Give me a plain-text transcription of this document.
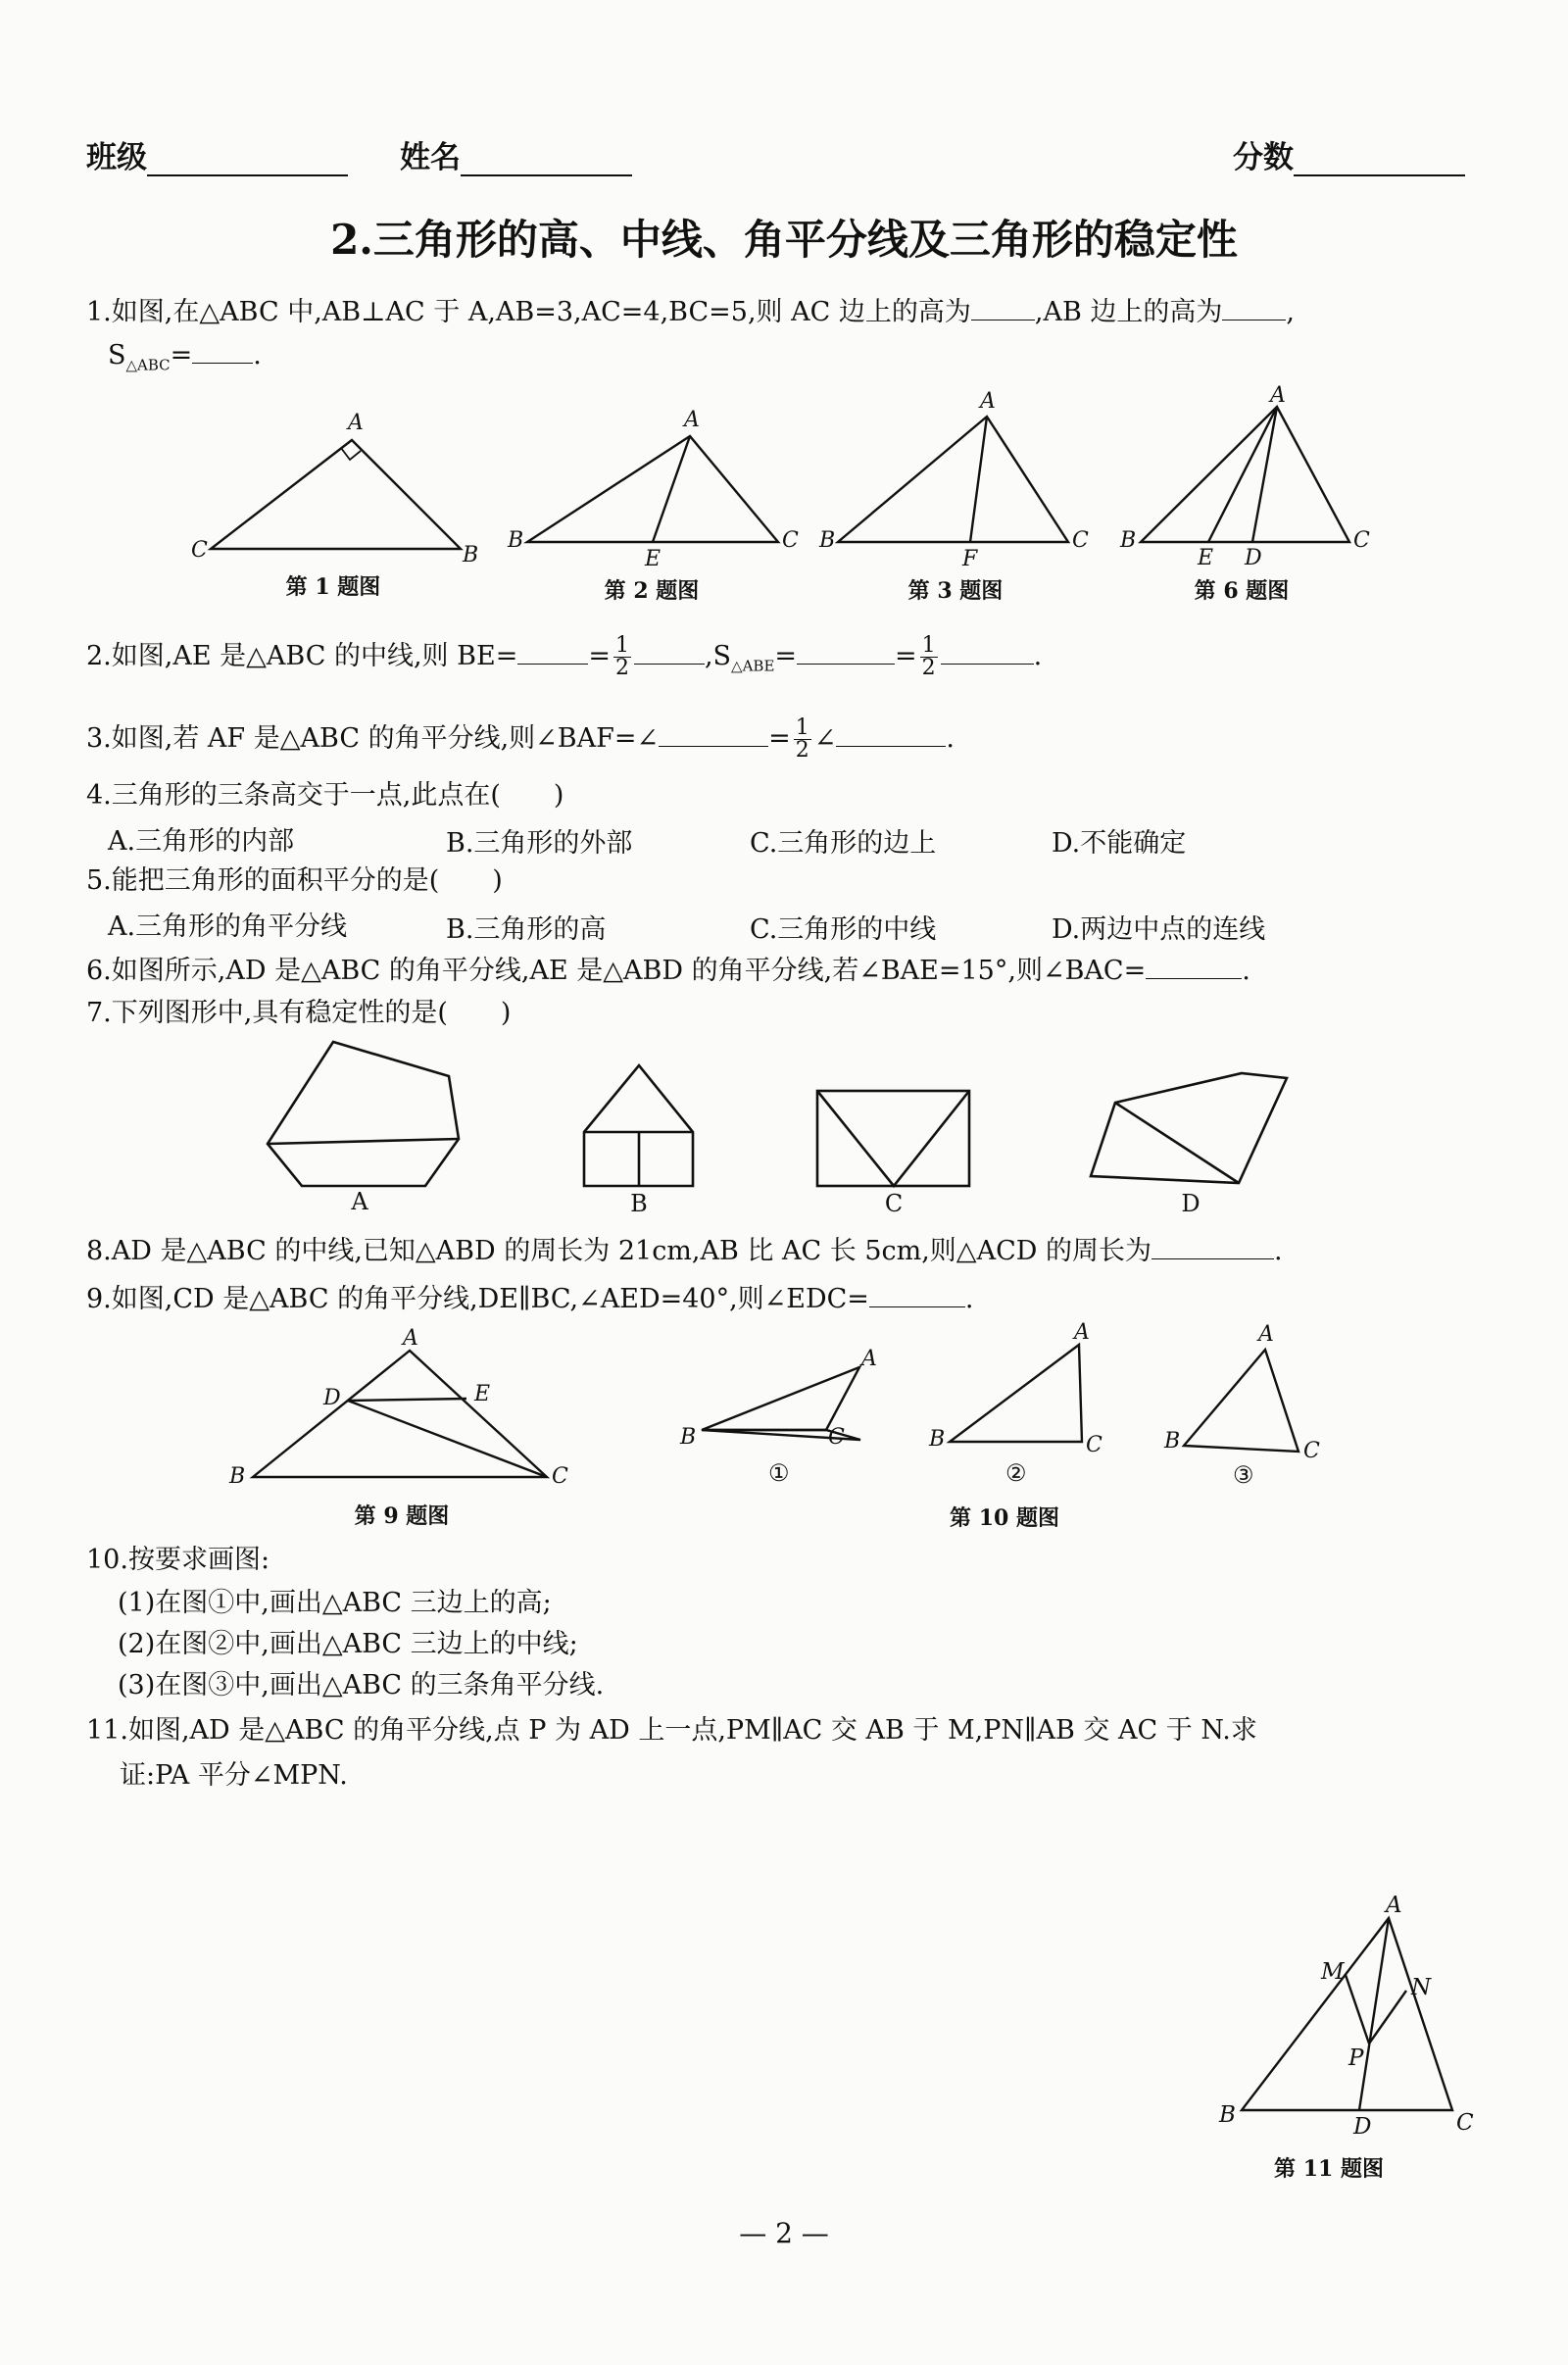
班级	姓名	分数
2.三角形的高、中线、角平分线及三角形的稳定性
1.如图,在△ABC 中,AB⊥AC 于 A,AB=3,AC=4,BC=5,则 AC 边上的高为 ,AB 边上的高为 ,
$S_{\triangle ABC}=$ .
A
C	B
A
B	C
E
A
B	C
F
A
B	C
E D
第 1 题图	第 2 题图	第 3 题图	第 6 题图
2.如图,AE 是△ABC 的中线,则 BE=	= $\frac{1}{2}$	$,S_{\triangle ABE}=$	= $\frac{1}{2}$	.
3.如图,若 AF 是△ABC 的角平分线,则∠BAF=∠	= $\frac{1}{2}$ ∠	.
4.三角形的三条高交于一点,此点在(　　)
A.三角形的内部	B.三角形的外部	C.三角形的边上	D.不能确定
5.能把三角形的面积平分的是(　　)
A.三角形的角平分线	B.三角形的高	C.三角形的中线	D.两边中点的连线
6.如图所示,AD 是△ABC 的角平分线,AE 是△ABD 的角平分线,若∠BAE=15°,则∠BAC=	.
7.下列图形中,具有稳定性的是(　　)
A	B	C	D
8.AD 是△ABC 的中线,已知△ABD 的周长为 21cm,AB 比 AC 长 5cm,则△ACD 的周长为	.
9.如图,CD 是△ABC 的角平分线,DE∥BC,∠AED=40°,则∠EDC=	.
A
D	E
B	C
A
B	C
A
B	C
A
B	C
①	②	③
第 9 题图	第 10 题图
10.按要求画图:
(1)在图①中,画出△ABC 三边上的高;
(2)在图②中,画出△ABC 三边上的中线;
(3)在图③中,画出△ABC 的三条角平分线.
11.如图,AD 是△ABC 的角平分线,点 P 为 AD 上一点,PM∥AC 交 AB 于 M,PN∥AB 交 AC 于 N.求
证:PA 平分∠MPN.
A
M
N
P
B	C
D
第 11 题图
— 2 —
